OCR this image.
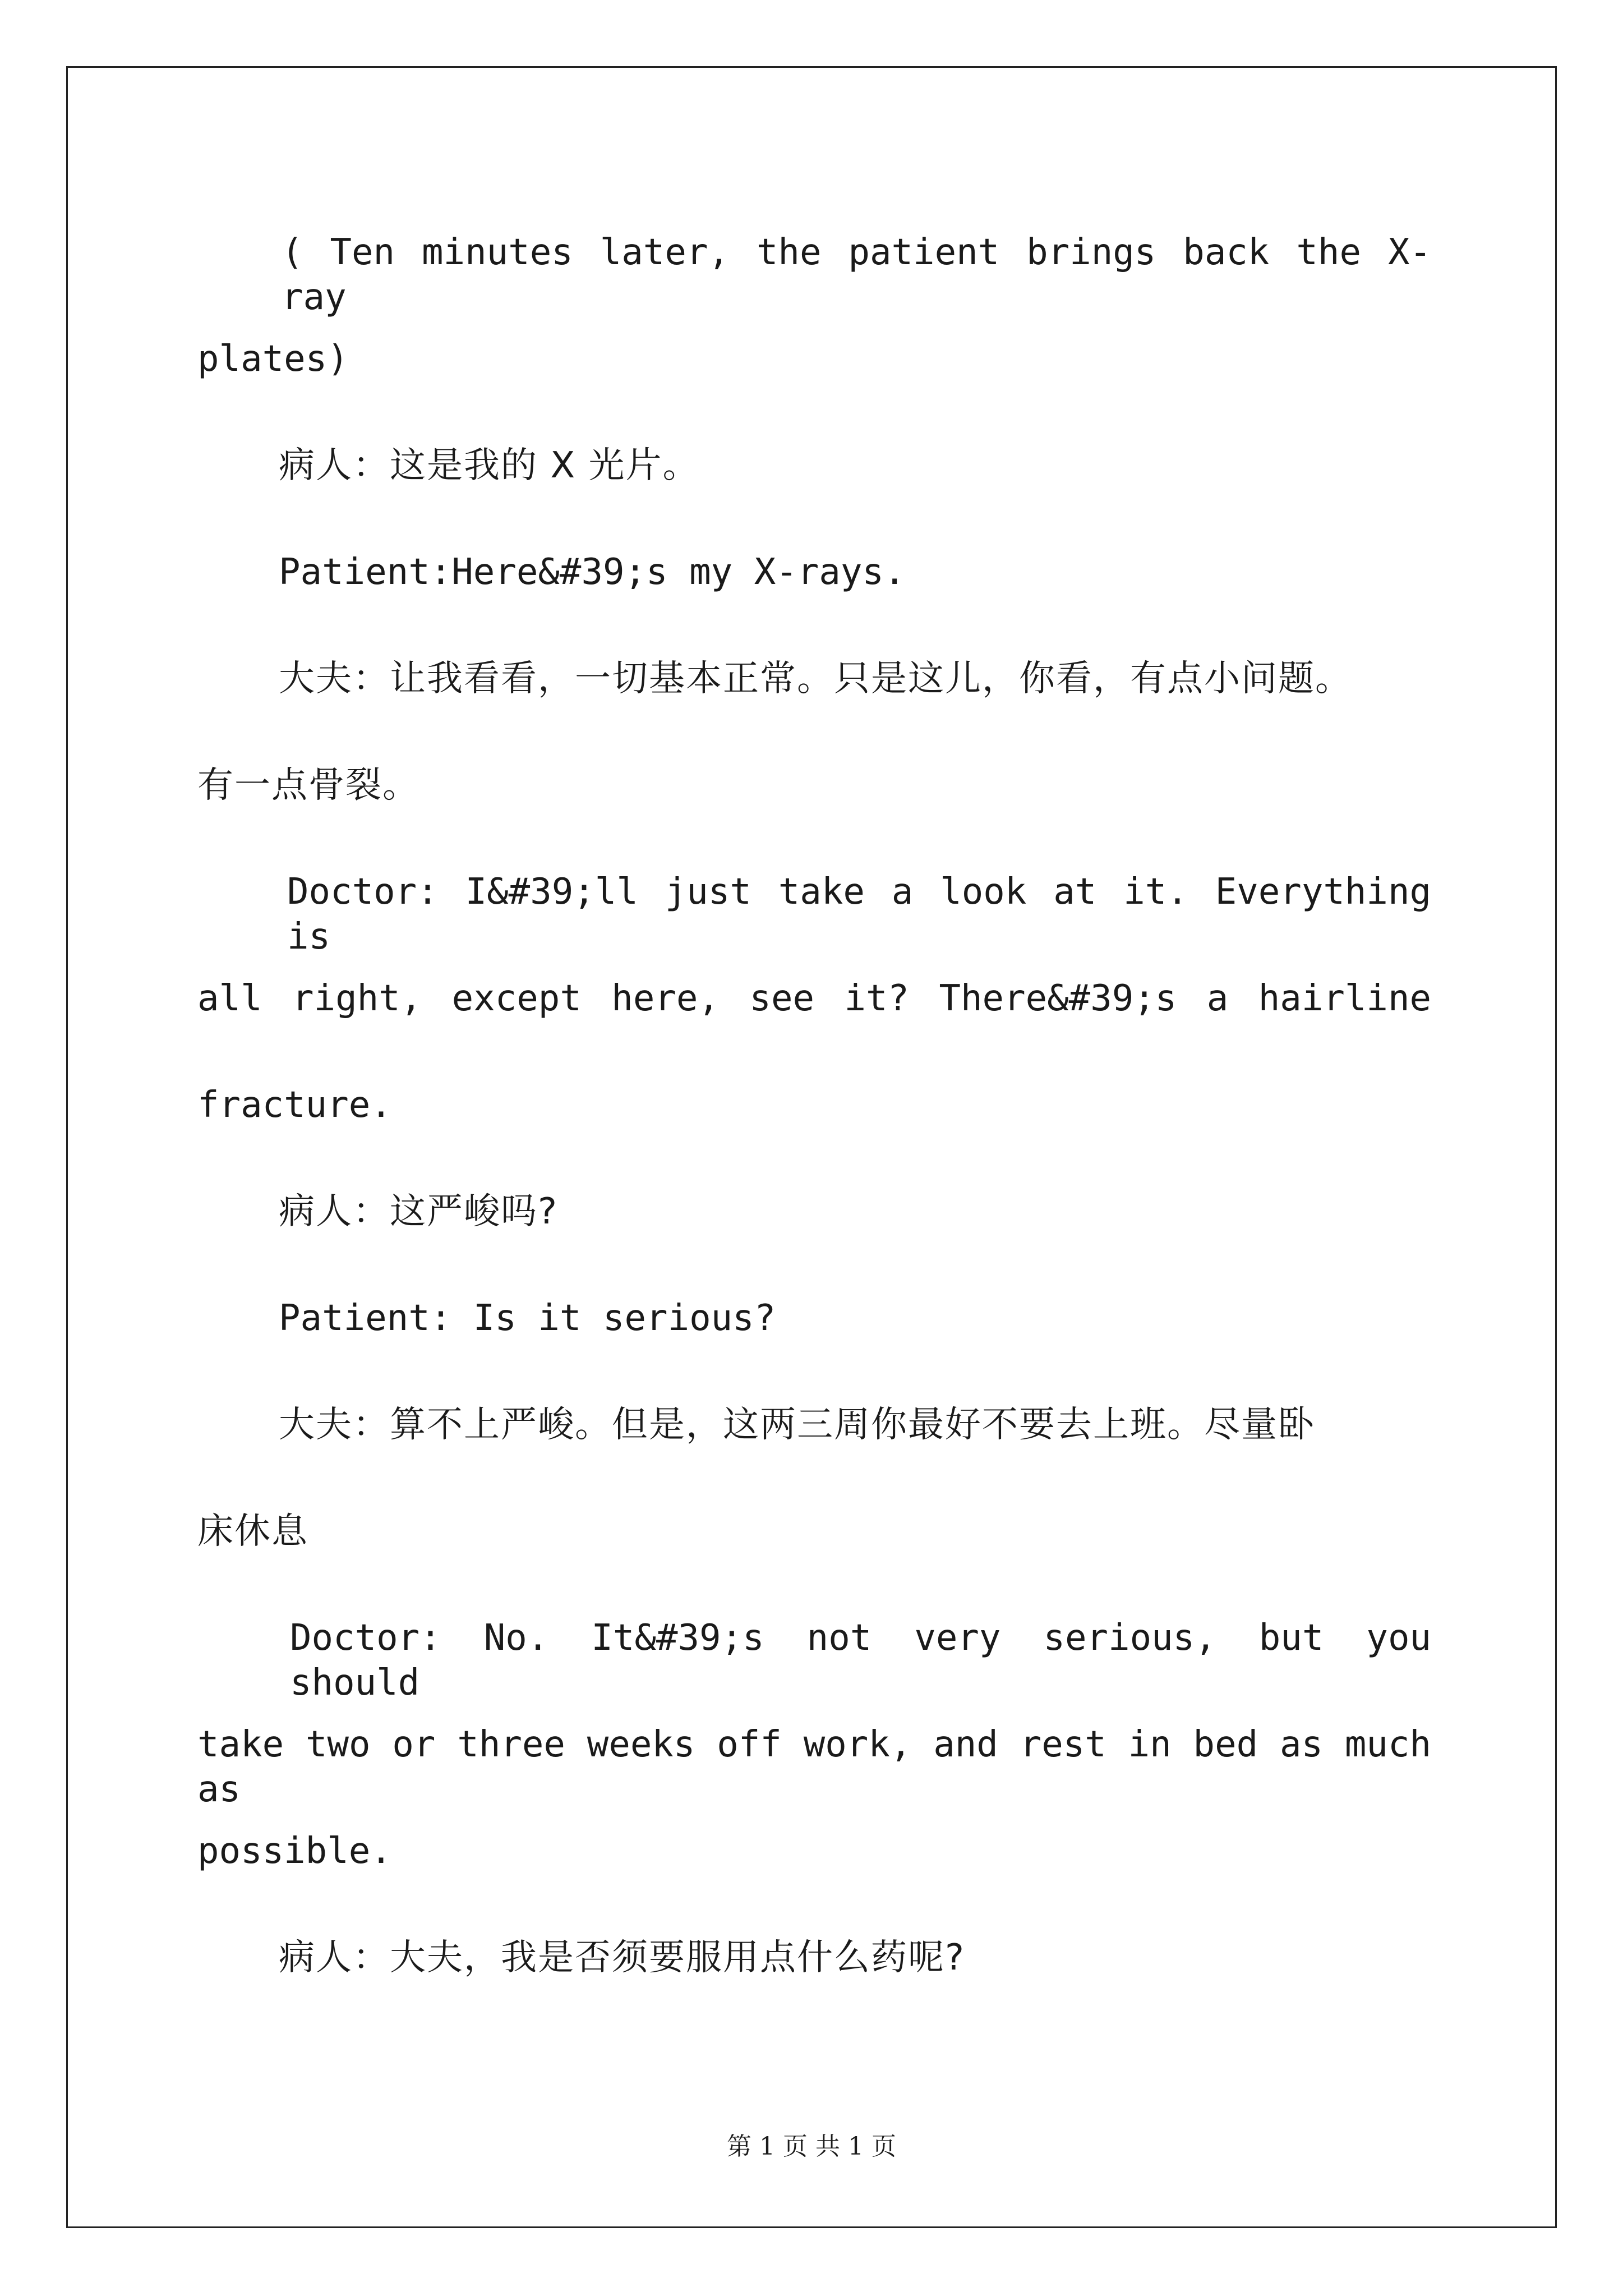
( Ten minutes later, the patient brings back the X-ray
plates)
病人：这是我的 X 光片。
Patient:Here&#39;s my X-rays.
大夫：让我看看，一切基本正常。只是这儿，你看，有点小问题。
有一点骨裂。
Doctor: I&#39;ll just take a look at it. Everything is
all right, except here, see it? There&#39;s a hairline
fracture.
病人：这严峻吗?
Patient: Is it serious?
大夫：算不上严峻。但是，这两三周你最好不要去上班。尽量卧
床休息
Doctor: No. It&#39;s not very serious, but you should
take two or three weeks off work, and rest in bed as much as
possible.
病人：大夫，我是否须要服用点什么药呢?
第 1 页 共 1 页
